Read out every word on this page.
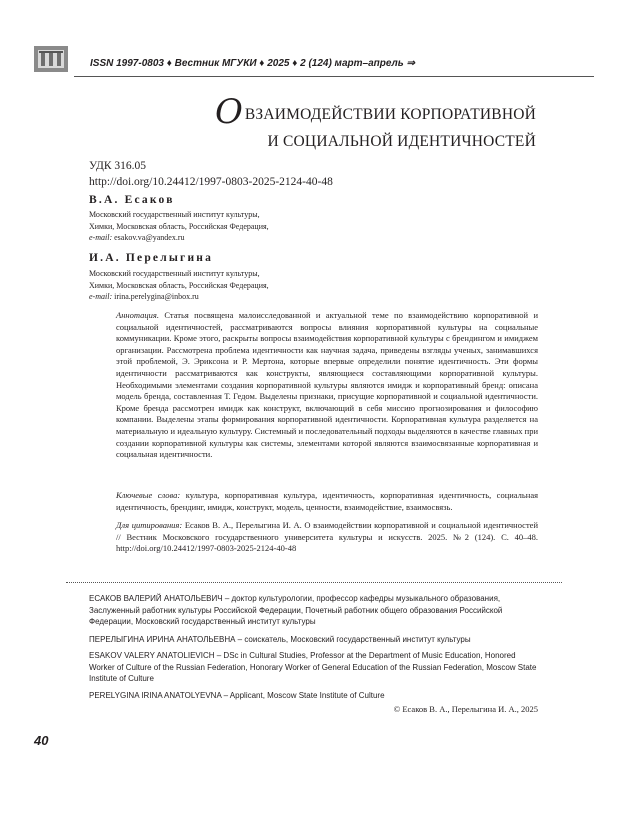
ISSN 1997-0803 ♦ Вестник МГУКИ ♦ 2025 ♦ 2 (124) март–апрель ⇒
ОВЗАИМОДЕЙСТВИИ КОРПОРАТИВНОЙ
И СОЦИАЛЬНОЙ ИДЕНТИЧНОСТЕЙ
УДК 316.05
http://doi.org/10.24412/1997-0803-2025-2124-40-48
В.А. Есаков
Московский государственный институт культуры,
Химки, Московская область, Российская Федерация,
e-mail: esakov.va@yandex.ru
И.А. Перелыгина
Московский государственный институт культуры,
Химки, Московская область, Российская Федерация,
e-mail: irina.perelygina@inbox.ru
Аннотация. Статья посвящена малоисследованной и актуальной теме по взаимодействию корпоративной и социальной идентичностей, рассматриваются вопросы влияния корпоративной культуры на социальные коммуникации. Кроме этого, раскрыты вопросы взаимодействия корпоративной культуры с брендингом и имиджем организации. Рассмотрена проблема идентичности как научная задача, приведены взгляды ученых, занимавшихся этой проблемой, Э. Эриксона и Р. Мертона, которые впервые определили понятие идентичность. Эти формы идентичности рассматриваются как конструкты, являющиеся составляющими корпоративной культуры. Необходимыми элементами создания корпоративной культуры являются имидж и корпоративный бренд: описана модель бренда, составленная Т. Гедом. Выделены признаки, присущие корпоративной и социальной идентичности. Кроме бренда рассмотрен имидж как конструкт, включающий в себя миссию прогнозирования и философию компании. Выделены этапы формирования корпоративной идентичности. Корпоративная культура разделяется на материальную и идеальную культуру. Системный и последовательный подходы выделяются в качестве главных при создании корпоративной культуры как системы, элементами которой являются взаимосвязанные корпоративная и социальная идентичности.
Ключевые слова: культура, корпоративная культура, идентичность, корпоративная идентичность, социальная идентичность, брендинг, имидж, конструкт, модель, ценности, взаимодействие, взаимосвязь.
Для цитирования: Есаков В. А., Перелыгина И. А. О взаимодействии корпоративной и социальной идентичностей // Вестник Московского государственного университета культуры и искусств. 2025. №2 (124). С. 40–48. http://doi.org/10.24412/1997-0803-2025-2124-40-48
ЕСАКОВ ВАЛЕРИЙ АНАТОЛЬЕВИЧ – доктор культурологии, профессор кафедры музыкального образования, Заслуженный работник культуры Российской Федерации, Почетный работник общего образования Российской Федерации, Московский государственный институт культуры
ПЕРЕЛЫГИНА ИРИНА АНАТОЛЬЕВНА – соискатель, Московский государственный институт культуры
ESAKOV VALERY ANATOLIEVICH – DSc in Cultural Studies, Professor at the Department of Music Education, Honored Worker of Culture of the Russian Federation, Honorary Worker of General Education of the Russian Federation, Moscow State Institute of Culture
PERELYGINA IRINA ANATOLYEVNA – Applicant, Moscow State Institute of Culture
© Есаков В. А., Перелыгина И. А., 2025
40
